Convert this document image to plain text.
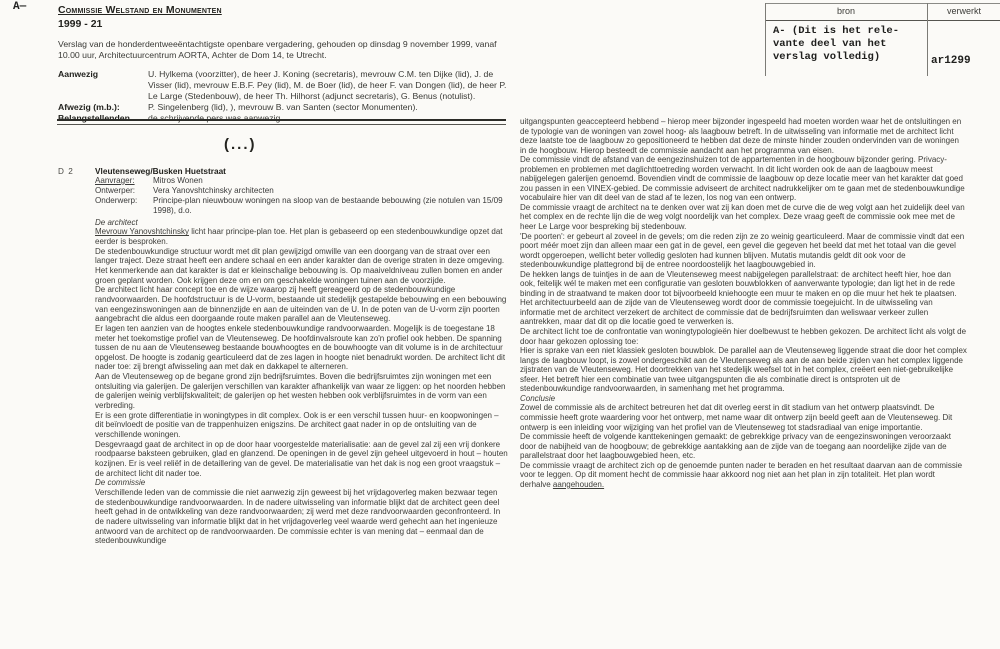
A—	bron	verwerkt
A- (Dit is het rele-
vante deel van het
verslag volledig)	ar1299
Commissie Welstand en Monumenten
1999 - 21
Verslag van de honderdentweeëntachtigste openbare vergadering, gehouden op dinsdag 9 november 1999, vanaf 10.00 uur, Architectuurcentrum AORTA, Achter de Dom 14, te Utrecht.
Aanwezig	U. Hylkema (voorzitter), de heer J. Koning (secretaris), mevrouw C.M. ten Dijke (lid), J. de Visser (lid), mevrouw E.B.F. Pey (lid), M. de Boer (lid), de heer F. van Dongen (lid), de heer P. Le Large (Stedenbouw), de heer Th. Hilhorst (adjunct secretaris), G. Benus (notulist).
Afwezig (m.b.):	P. Singelenberg (lid), ), mevrouw B. van Santen (sector Monumenten).
Belangstellenden	de schrijvende pers was aanwezig.
(...)
D 2	Vleutenseweg/Busken Huetstraat
Aanvrager:	Mitros Wonen
Ontwerper:	Vera Yanovshtchinsky architecten
Onderwerp:	Principe-plan nieuwbouw woningen na sloop van de bestaande bebouwing (zie notulen van 15/09 1998), d.o.
De architect
Mevrouw Yanovshtchinsky licht haar principe-plan toe. Het plan is gebaseerd op een stedenbouwkundige opzet dat eerder is besproken.
De stedenbouwkundige structuur wordt met dit plan gewijzigd omwille van een doorgang van de straat over een langer traject. Deze straat heeft een andere schaal en een ander karakter dan de overige straten in deze omgeving. Het kenmerkende aan dat karakter is dat er kleinschalige bebouwing is. Op maaiveldniveau zullen bomen en ander groen geplant worden. Ook krijgen deze om en om geschakelde woningen tuinen aan de voorzijde.
De architect licht haar concept toe en de wijze waarop zij heeft gereageerd op de stedenbouwkundige randvoorwaarden. De hoofdstructuur is de U-vorm, bestaande uit stedelijk gestapelde bebouwing en een bebouwing van eengezinswoningen aan de binnenzijde en aan de uiteinden van de U. In de poten van de U-vorm zijn poorten aangebracht die aldus een doorgaande route maken parallel aan de Vleutenseweg.
Er lagen ten aanzien van de hoogtes enkele stedenbouwkundige randvoorwaarden. Mogelijk is de toegestane 18 meter het toekomstige profiel van de Vleutenseweg. De hoofdinvalsroute kan zo'n profiel ook hebben. De spanning tussen de nu aan de Vleutenseweg bestaande bouwhoogtes en de bouwhoogte van dit volume is in de architectuur opgelost. De hoogte is zodanig gearticuleerd dat de zes lagen in hoogte niet benadrukt worden. De architect licht dit nader toe: zij brengt afwisseling aan met dak en dakkapel te alterneren.
Aan de Vleutenseweg op de begane grond zijn bedrijfsruimtes. Boven die bedrijfsruimtes zijn woningen met een ontsluiting via galerijen. De galerijen verschillen van karakter afhankelijk van waar ze liggen: op het noorden hebben de galerijen weinig verblijfskwaliteit; de galerijen op het westen hebben ook verblijfsruimtes in de vorm van een verbreding.
Er is een grote differentiatie in woningtypes in dit complex. Ook is er een verschil tussen huur- en koopwoningen – dit beïnvloedt de positie van de trappenhuizen enigszins. De architect gaat nader in op de ontsluiting van de verschillende woningen.
Desgevraagd gaat de architect in op de door haar voorgestelde materialisatie: aan de gevel zal zij een vrij donkere roodpaarse baksteen gebruiken, glad en glanzend. De openingen in de gevel zijn geheel uitgevoerd in hout – houten kozijnen. Er is veel reliëf in de detaillering van de gevel. De materialisatie van het dak is nog een groot vraagstuk – de architect licht dit nader toe.
De commissie
Verschillende leden van de commissie die niet aanwezig zijn geweest bij het vrijdagoverleg maken bezwaar tegen de stedenbouwkundige randvoorwaarden. In de nadere uitwisseling van informatie blijkt dat de architect geen deel heeft gehad in de ontwikkeling van deze randvoorwaarden; zij werd met deze randvoorwaarden geconfronteerd. In de nadere uitwisseling van informatie blijkt dat in het vrijdagoverleg veel waarde werd gehecht aan het ingenieuze antwoord van de architect op de randvoorwaarden. De commissie echter is van mening dat – eenmaal dan de stedenbouwkundige
uitgangspunten geaccepteerd hebbend – hierop meer bijzonder ingespeeld had moeten worden waar het de ontsluitingen en de typologie van de woningen van zowel hoog- als laagbouw betreft. In de uitwisseling van informatie met de architect licht deze laatste toe de laagbouw zo gepositioneerd te hebben dat deze de minste hinder zouden ondervinden van de woningen in de hoogbouw. Hierop besteedt de commissie aandacht aan het programma van eisen.
De commissie vindt de afstand van de eengezinshuizen tot de appartementen in de hoogbouw bijzonder gering. Privacy-problemen en problemen met daglichttoetreding worden verwacht. In dit licht worden ook de aan de laagbouw meest nabijgelegen galerijen genoemd. Bovendien vindt de commissie de laagbouw op deze locatie meer van het karakter dat goed zou passen in een VINEX-gebied. De commissie adviseert de architect nadrukkelijker om te gaan met de stedenbouwkundige vocabulaire hier van dit deel van de stad af te lezen, los nog van een ontwerp.
De commissie vraagt de architect na te denken over wat zij kan doen met de curve die de weg volgt aan het zuidelijk deel van het complex en de rechte lijn die de weg volgt noordelijk van het complex. Deze vraag geeft de commissie ook mee met de heer Le Large voor bespreking bij stedenbouw.
'De poorten': er gebeurt al zoveel in de gevels; om die reden zijn ze zo weinig gearticuleerd. Maar de commissie vindt dat een poort méér moet zijn dan alleen maar een gat in de gevel, een gevel die gegeven het beeld dat met het totaal van die gevel wordt opgeroepen, wellicht beter volledig gesloten had kunnen blijven. Mutatis mutandis geldt dit ook voor de stedenbouwkundige plattegrond bij de entree noordoostelijk het laagbouwgebied in.
De hekken langs de tuintjes in de aan de Vleutenseweg meest nabijgelegen parallelstraat: de architect heeft hier, hoe dan ook, feitelijk wél te maken met een configuratie van gesloten bouwblokken of aanverwante typologie; dan ligt het in de rede binding in de straatwand te maken door tot bijvoorbeeld kniehoogte een muur te maken en op die muur het hek te plaatsen.
Het architectuurbeeld aan de zijde van de Vleutenseweg wordt door de commissie toegejuicht. In de uitwisseling van informatie met de architect verzekert de architect de commissie dat de bedrijfsruimten dan weliswaar verkeer zullen aantrekken, maar dat dit op die locatie goed te verwerken is.
De architect licht toe de confrontatie van woningtypologieën hier doelbewust te hebben gekozen. De architect licht als volgt de door haar gekozen oplossing toe:
Hier is sprake van een niet klassiek gesloten bouwblok. De parallel aan de Vleutenseweg liggende straat die door het complex langs de laagbouw loopt, is zowel ondergeschikt aan de Vleutenseweg als aan de aan beide zijden van het complex liggende zijstraten van de Vleutenseweg. Het doortrekken van het stedelijk weefsel tot in het complex, creëert een niet-gebruikelijke sfeer. Het betreft hier een combinatie van twee uitgangspunten die als combinatie direct is ontsproten uit de stedenbouwkundige randvoorwaarden, in samenhang met het programma.
Conclusie
Zowel de commissie als de architect betreuren het dat dit overleg eerst in dit stadium van het ontwerp plaatsvindt. De commissie heeft grote waardering voor het ontwerp, met name waar dit ontwerp zijn beeld geeft aan de Vleutenseweg. Dit ontwerp is een inleiding voor wijziging van het profiel van de Vleutenseweg tot stadsradiaal van enige importantie.
De commissie heeft de volgende kanttekeningen gemaakt: de gebrekkige privacy van de eengezinswoningen veroorzaakt door de nabijheid van de hoogbouw; de gebrekkige aantakking aan de zijde van de toegang aan noordelijke zijde van de parallelstraat door het laagbouwgebied heen, etc.
De commissie vraagt de architect zich op de genoemde punten nader te beraden en het resultaat daarvan aan de commissie voor te leggen. Op dit moment hecht de commissie haar akkoord nog niet aan het plan in zijn totaliteit. Het plan wordt derhalve aangehouden.
